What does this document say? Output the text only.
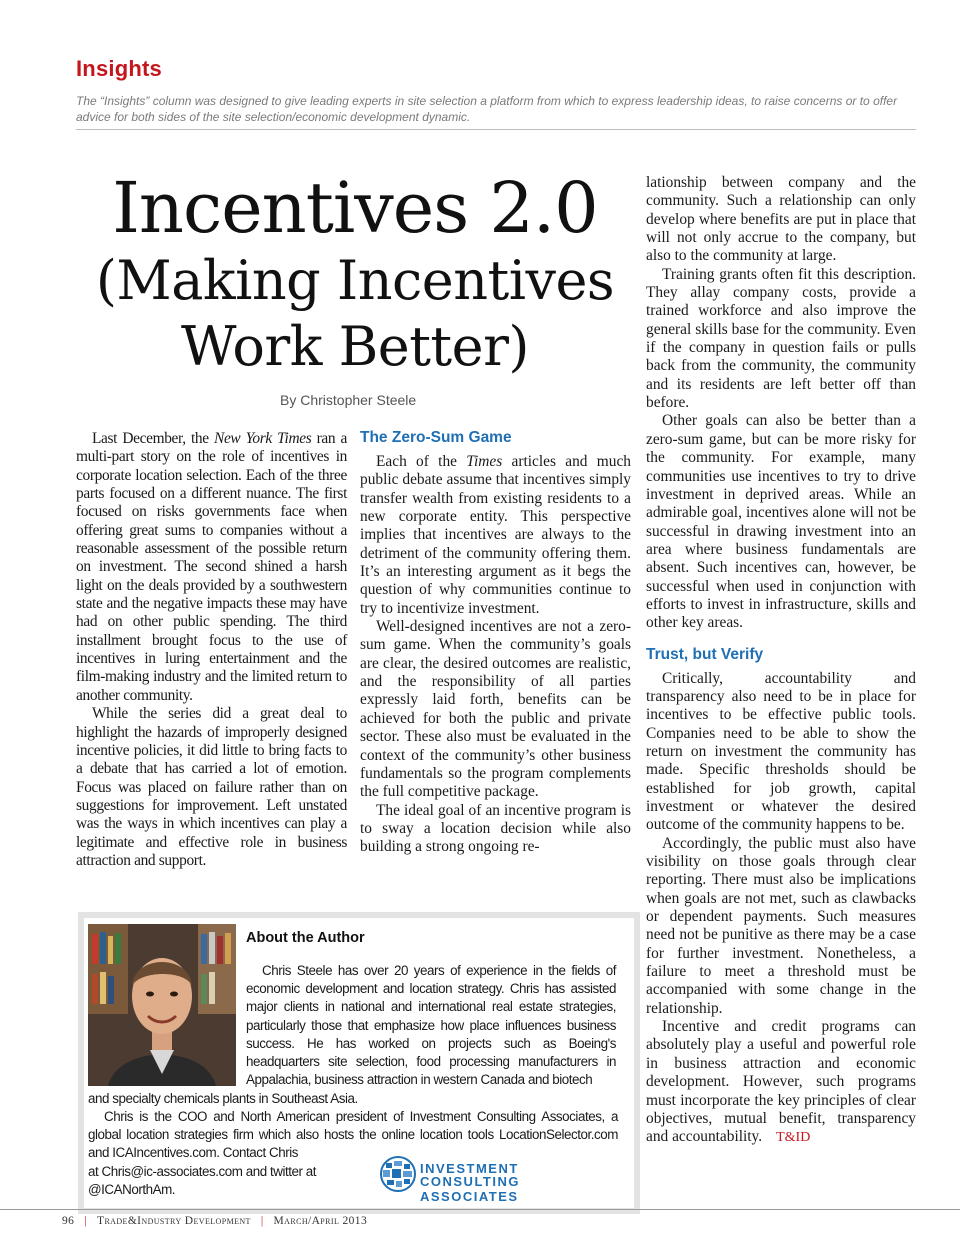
Insights
The “Insights” column was designed to give leading experts in site selection a platform from which to express leadership ideas, to raise concerns or to offer advice for both sides of the site selection/economic development dynamic.
Incentives 2.0
(Making Incentives
Work Better)
By Christopher Steele

Last December, the New York Times ran a multi-part story on the role of incentives in corporate location selection. Each of the three parts focused on a different nuance. The first focused on risks governments face when offering great sums to companies without a reasonable assessment of the possible return on investment. The second shined a harsh light on the deals provided by a southwestern state and the negative impacts these may have had on other public spending. The third installment brought focus to the use of incentives in luring entertainment and the film-making industry and the limited return to another community.

While the series did a great deal to highlight the hazards of improperly designed incentive policies, it did little to bring facts to a debate that has carried a lot of emotion. Focus was placed on failure rather than on suggestions for improvement. Left unstated was the ways in which incentives can play a legitimate and effective role in business attraction and support.

The Zero-Sum Game

Each of the Times articles and much public debate assume that incentives simply transfer wealth from existing residents to a new corporate entity. This perspective implies that incentives are always to the detriment of the community offering them. It’s an interesting argument as it begs the question of why communities continue to try to incentivize investment.

Well-designed incentives are not a zero-sum game. When the community’s goals are clear, the desired outcomes are realistic, and the responsibility of all parties expressly laid forth, benefits can be achieved for both the public and private sector. These also must be evaluated in the context of the community’s other business fundamentals so the program complements the full competitive package.

The ideal goal of an incentive program is to sway a location decision while also building a strong ongoing re-

lationship between company and the community. Such a relationship can only develop where benefits are put in place that will not only accrue to the company, but also to the community at large.

Training grants often fit this description. They allay company costs, provide a trained workforce and also improve the general skills base for the community. Even if the company in question fails or pulls back from the community, the community and its residents are left better off than before.

Other goals can also be better than a zero-sum game, but can be more risky for the community. For example, many communities use incentives to try to drive investment in deprived areas. While an admirable goal, incentives alone will not be successful in drawing investment into an area where business fundamentals are absent. Such incentives can, however, be successful when used in conjunction with efforts to invest in infrastructure, skills and other key areas.

Trust, but Verify

Critically, accountability and transparency also need to be in place for incentives to be effective public tools. Companies need to be able to show the return on investment the community has made. Specific thresholds should be established for job growth, capital investment or whatever the desired outcome of the community happens to be.

Accordingly, the public must also have visibility on those goals through clear reporting. There must also be implications when goals are not met, such as clawbacks or dependent payments. Such measures need not be punitive as there may be a case for further investment. Nonetheless, a failure to meet a threshold must be accompanied with some change in the relationship.

Incentive and credit programs can absolutely play a useful and powerful role in business attraction and economic development. However, such programs must incorporate the key principles of clear objectives, mutual benefit, transparency and accountability. T&ID

About the Author

Chris Steele has over 20 years of experience in the fields of economic development and location strategy. Chris has assisted major clients in national and international real estate strategies, particularly those that emphasize how place influences business success. He has worked on projects such as Boeing's headquarters site selection, food processing manufacturers in Appalachia, business attraction in western Canada and biotech

and specialty chemicals plants in Southeast Asia.

Chris is the COO and North American president of Investment Consulting Associates, a global location strategies firm which also hosts the online location tools LocationSelector.com and ICAIncentives.com. Contact Chris

at Chris@ic-associates.com and twitter at @ICANorthAm.

INVESTMENT
CONSULTING ASSOCIATES
96 | Trade&Industry Development | March/April 2013
